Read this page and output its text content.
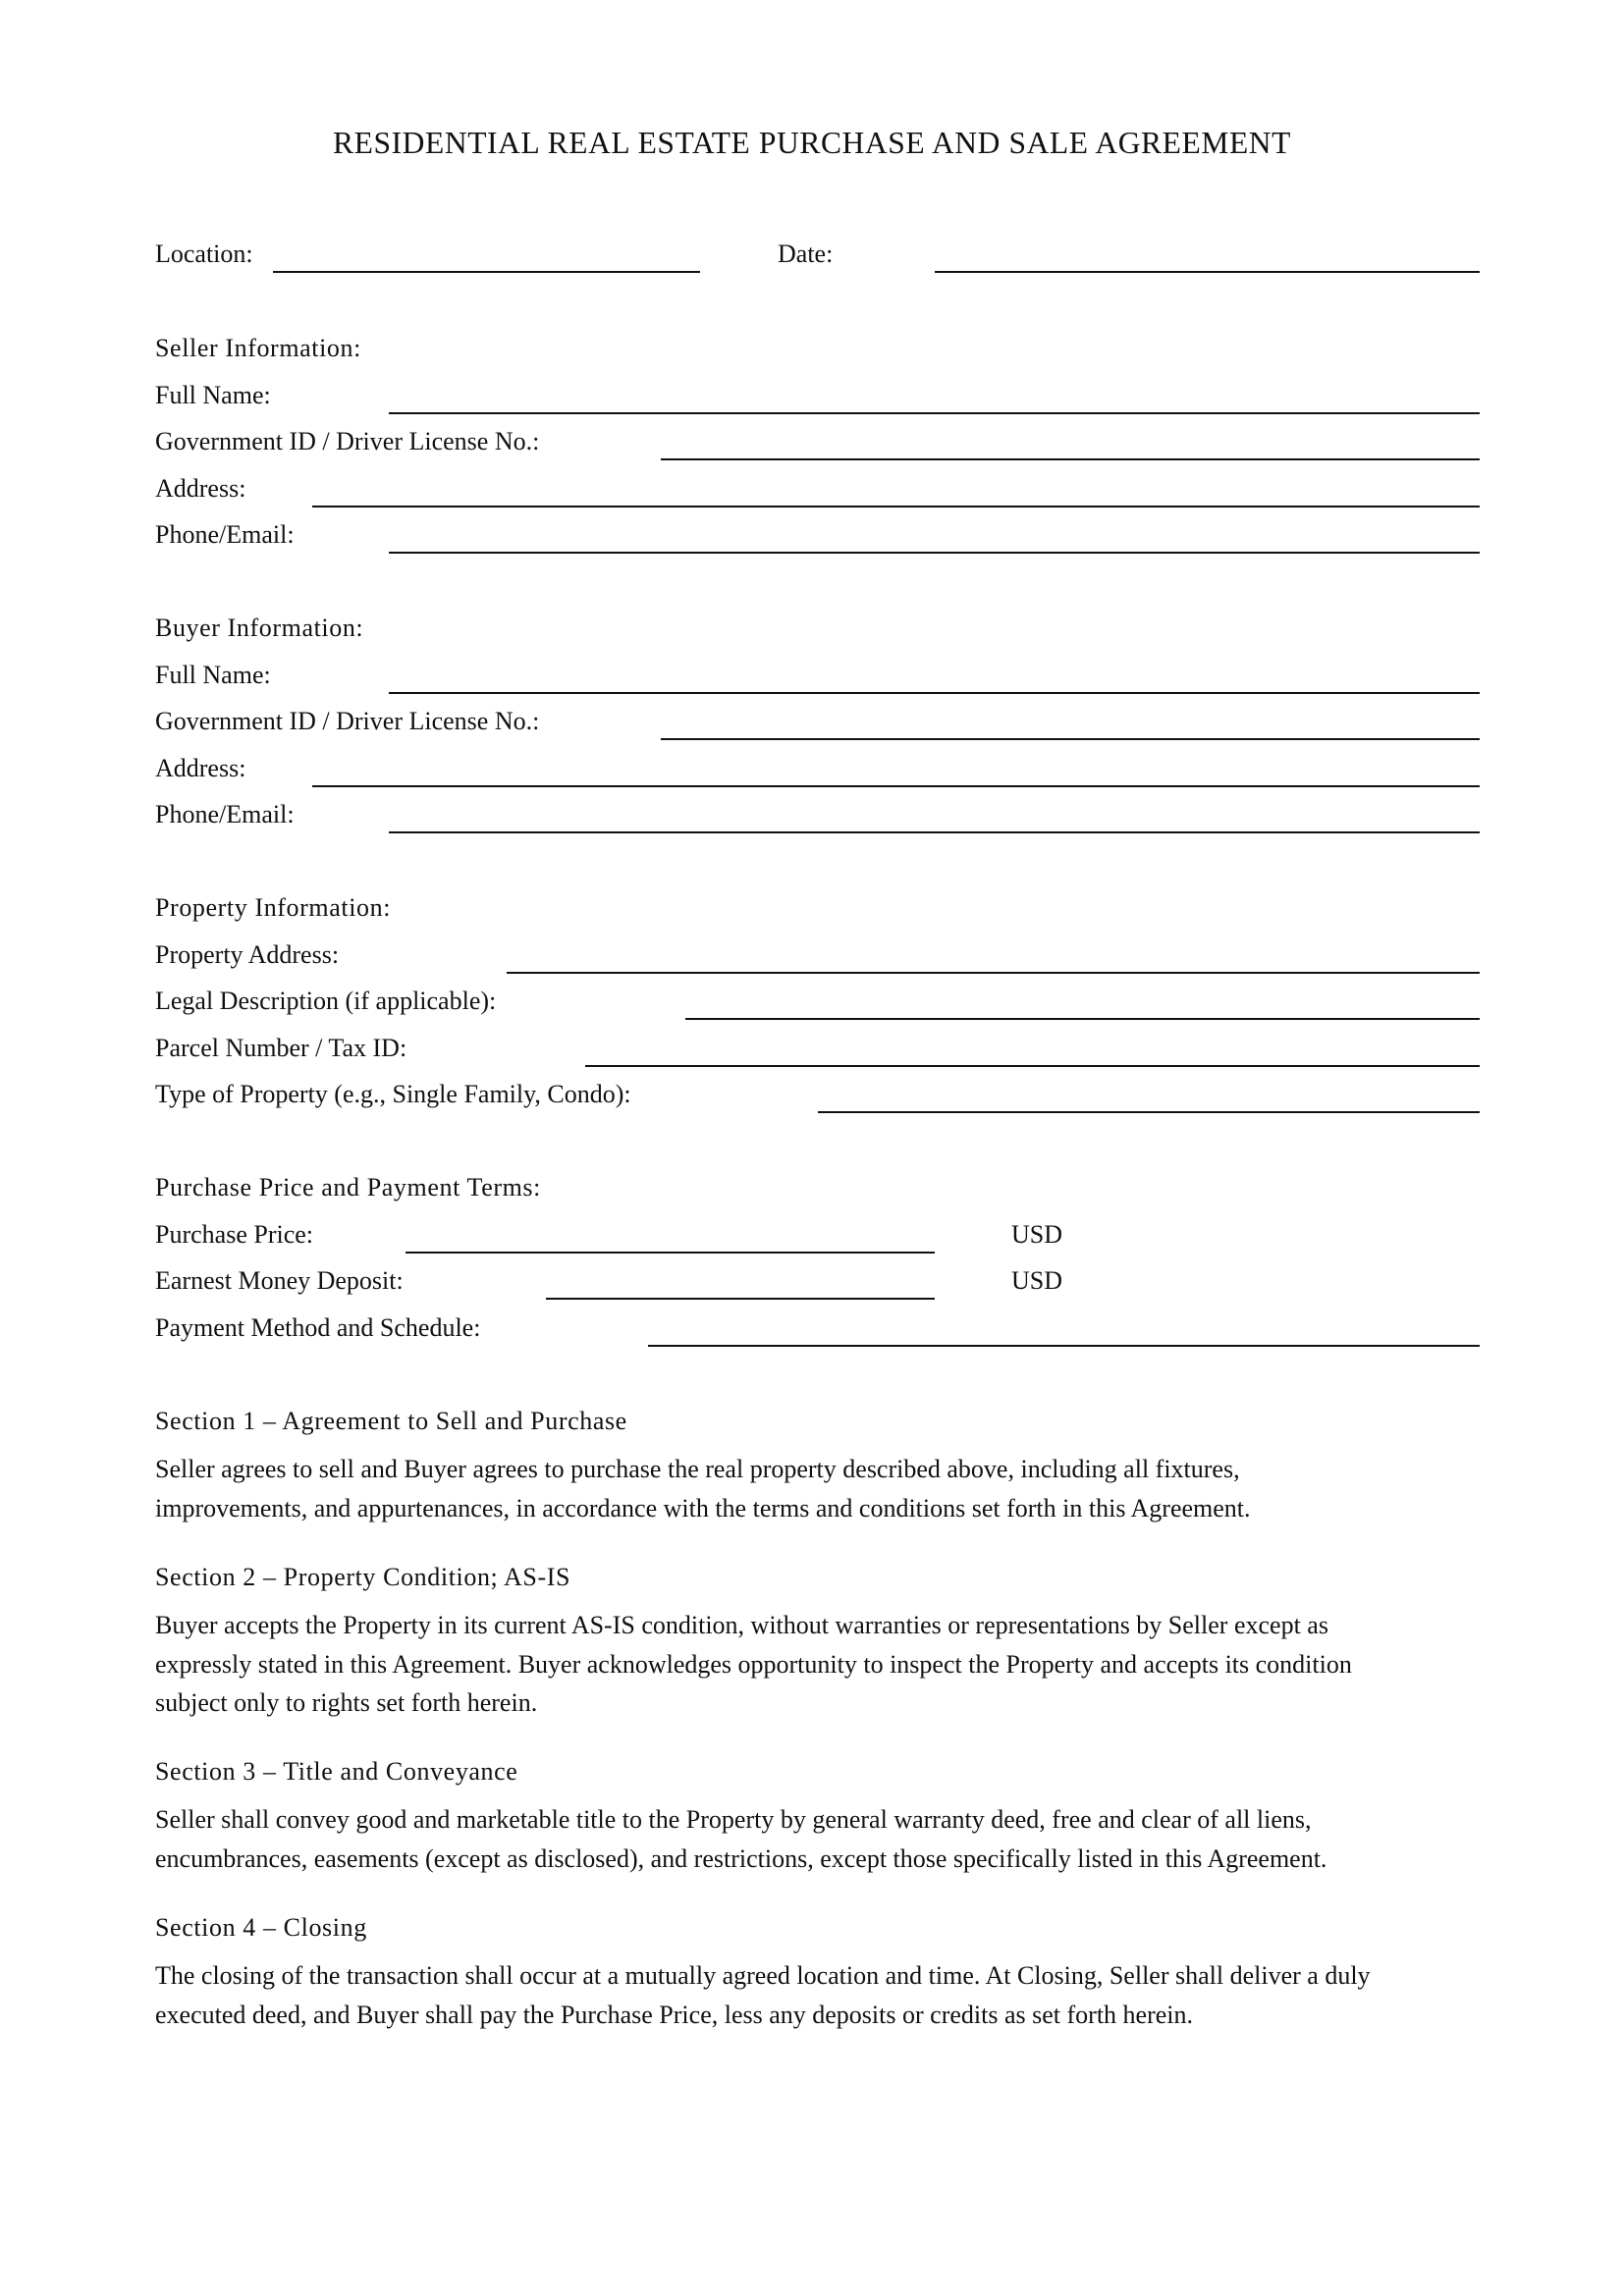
RESIDENTIAL REAL ESTATE PURCHASE AND SALE AGREEMENT
Location:	Date:
Seller Information:
Full Name:
Government ID / Driver License No.:
Address:
Phone/Email:
Buyer Information:
Full Name:
Government ID / Driver License No.:
Address:
Phone/Email:
Property Information:
Property Address:
Legal Description (if applicable):
Parcel Number / Tax ID:
Type of Property (e.g., Single Family, Condo):
Purchase Price and Payment Terms:
Purchase Price:	USD
Earnest Money Deposit:	USD
Payment Method and Schedule:
Section 1 – Agreement to Sell and Purchase
Seller agrees to sell and Buyer agrees to purchase the real property described above, including all fixtures,
improvements, and appurtenances, in accordance with the terms and conditions set forth in this Agreement.
Section 2 – Property Condition; AS-IS
Buyer accepts the Property in its current AS-IS condition, without warranties or representations by Seller except as
expressly stated in this Agreement. Buyer acknowledges opportunity to inspect the Property and accepts its condition
subject only to rights set forth herein.
Section 3 – Title and Conveyance
Seller shall convey good and marketable title to the Property by general warranty deed, free and clear of all liens,
encumbrances, easements (except as disclosed), and restrictions, except those specifically listed in this Agreement.
Section 4 – Closing
The closing of the transaction shall occur at a mutually agreed location and time. At Closing, Seller shall deliver a duly
executed deed, and Buyer shall pay the Purchase Price, less any deposits or credits as set forth herein.
